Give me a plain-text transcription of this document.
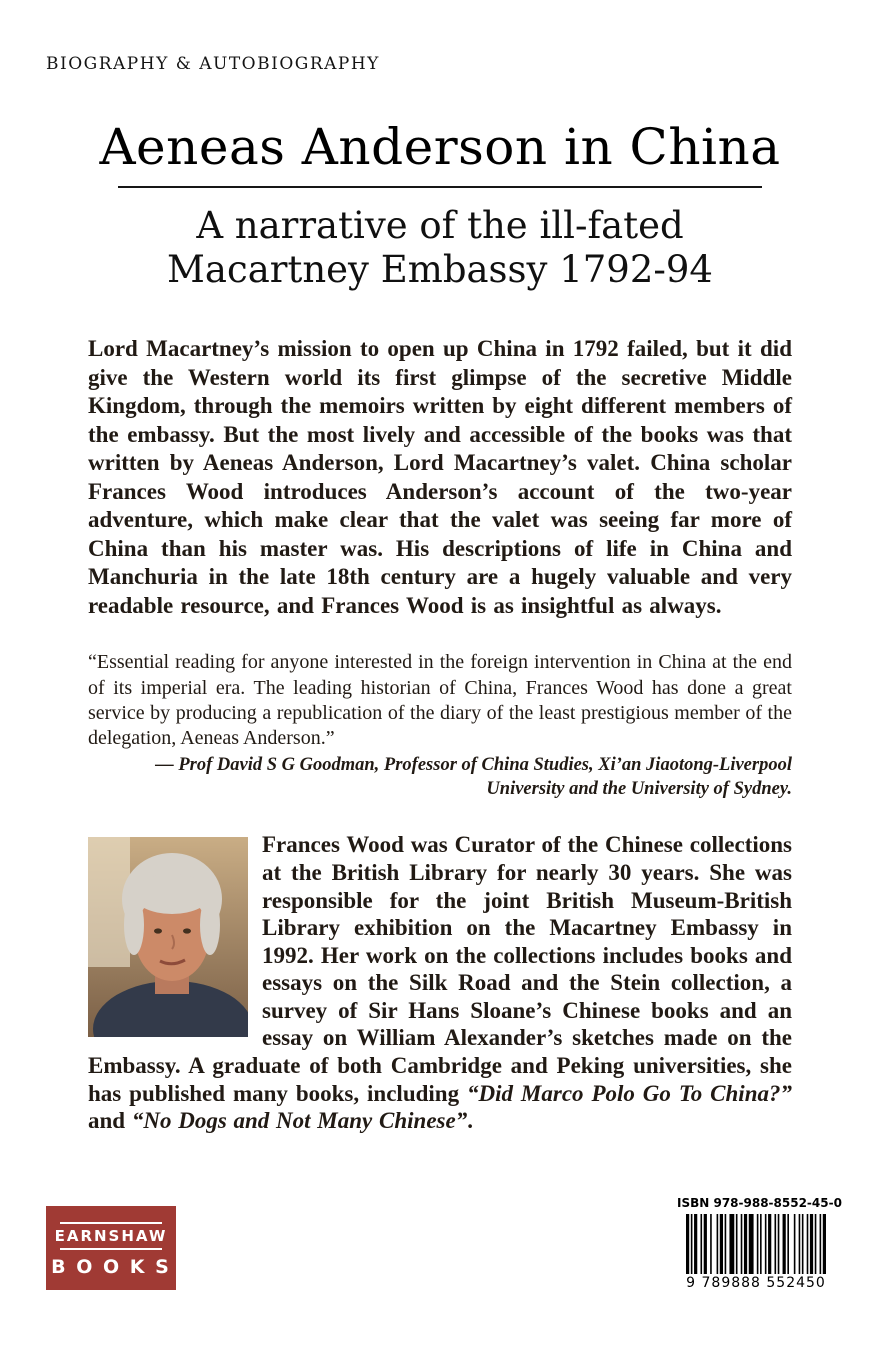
BIOGRAPHY & AUTOBIOGRAPHY
Aeneas Anderson in China
A narrative of the ill-fated
Macartney Embassy 1792-94

Lord Macartney’s mission to open up China in 1792 failed, but it did give the Western world its first glimpse of the secretive Middle Kingdom, through the memoirs written by eight different members of the embassy. But the most lively and accessible of the books was that written by Aeneas Anderson, Lord Macartney’s valet. China scholar Frances Wood introduces Anderson’s account of the two-year adventure, which make clear that the valet was seeing far more of China than his master was. His descriptions of life in China and Manchuria in the late 18th century are a hugely valuable and very readable resource, and Frances Wood is as insightful as always.

“Essential reading for anyone interested in the foreign intervention in China at the end of its imperial era. The leading historian of China, Frances Wood has done a great service by producing a republication of the diary of the least prestigious member of the delegation, Aeneas Anderson.”

— Prof David S G Goodman, Professor of China Studies, Xi’an Jiaotong-Liverpool
University and the University of Sydney.
Frances Wood was Curator of the Chinese collections at the British Library for nearly 30 years. She was responsible for the joint British Museum-British Library exhibition on the Macartney Embassy in 1992. Her work on the collections includes books and essays on the Silk Road and the Stein collection, a survey of Sir Hans Sloane’s Chinese books and an essay on William Alexander’s sketches made on the Embassy. A graduate of both Cambridge and Peking universities, she has published many books, including “Did Marco Polo Go To China?” and “No Dogs and Not Many Chinese”.
EARNSHAW
B O O K S
ISBN 978-988-8552-45-0
9 789888 552450
